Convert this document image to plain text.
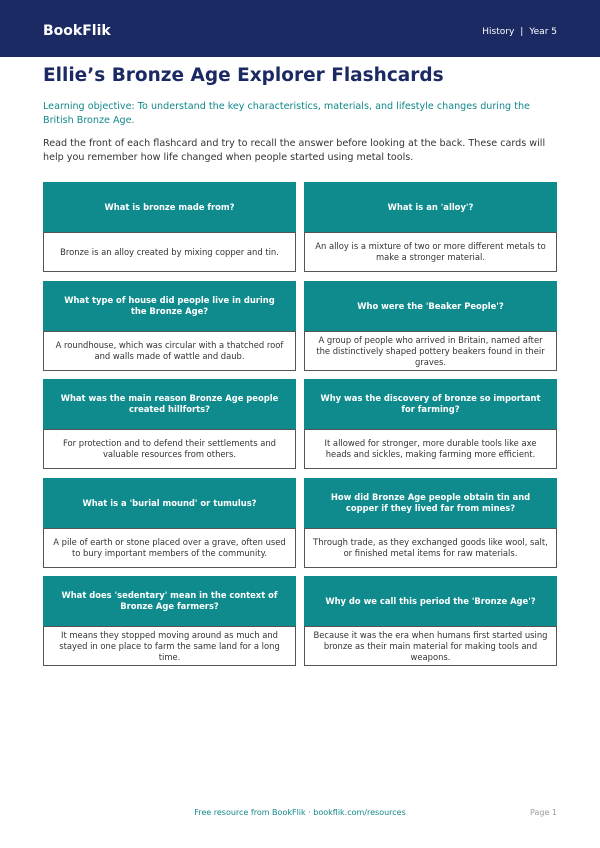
BookFlik	History | Year 5
Ellie’s Bronze Age Explorer Flashcards
Learning objective: To understand the key characteristics, materials, and lifestyle changes during the British Bronze Age.
Read the front of each flashcard and try to recall the answer before looking at the back. These cards will help you remember how life changed when people started using metal tools.
What is bronze made from?
Bronze is an alloy created by mixing copper and tin.
What is an 'alloy'?
An alloy is a mixture of two or more different metals to make a stronger material.
What type of house did people live in during the Bronze Age?
A roundhouse, which was circular with a thatched roof and walls made of wattle and daub.
Who were the 'Beaker People'?
A group of people who arrived in Britain, named after the distinctively shaped pottery beakers found in their graves.
What was the main reason Bronze Age people created hillforts?
For protection and to defend their settlements and valuable resources from others.
Why was the discovery of bronze so important for farming?
It allowed for stronger, more durable tools like axe heads and sickles, making farming more efficient.
What is a 'burial mound' or tumulus?
A pile of earth or stone placed over a grave, often used to bury important members of the community.
How did Bronze Age people obtain tin and copper if they lived far from mines?
Through trade, as they exchanged goods like wool, salt, or finished metal items for raw materials.
What does 'sedentary' mean in the context of Bronze Age farmers?
It means they stopped moving around as much and stayed in one place to farm the same land for a long time.
Why do we call this period the 'Bronze Age'?
Because it was the era when humans first started using bronze as their main material for making tools and weapons.
Free resource from BookFlik · bookflik.com/resources	Page 1
